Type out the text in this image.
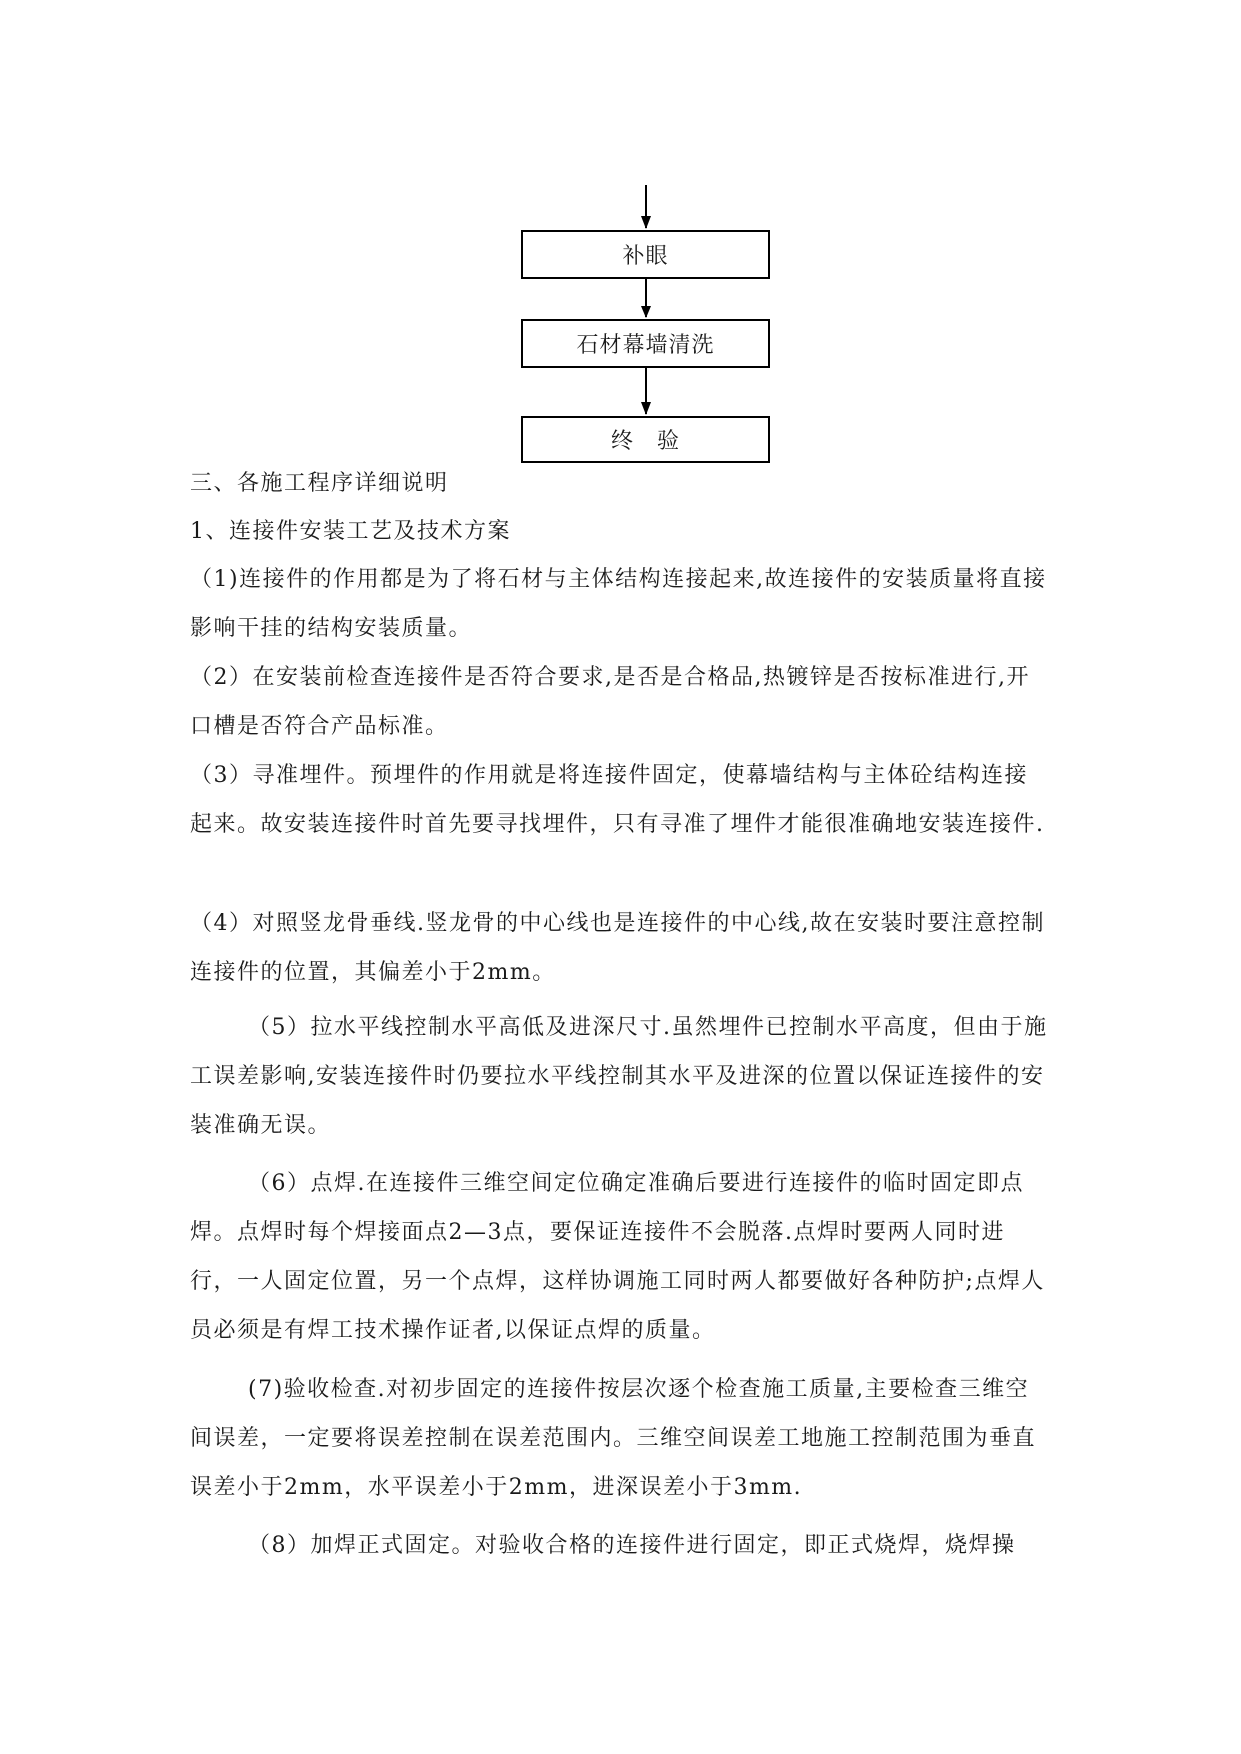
补眼
石材幕墙清洗
终　验
三、各施工程序详细说明
1、连接件安装工艺及技术方案

（1)连接件的作用都是为了将石材与主体结构连接起来,故连接件的安装质量将直接影响干挂的结构安装质量。

（2）在安装前检查连接件是否符合要求,是否是合格品,热镀锌是否按标准进行,开口槽是否符合产品标准。

（3）寻准埋件。预埋件的作用就是将连接件固定，使幕墙结构与主体砼结构连接起来。故安装连接件时首先要寻找埋件，只有寻准了埋件才能很准确地安装连接件.

（4）对照竖龙骨垂线.竖龙骨的中心线也是连接件的中心线,故在安装时要注意控制连接件的位置，其偏差小于2mm。

（5）拉水平线控制水平高低及进深尺寸.虽然埋件已控制水平高度，但由于施工误差影响,安装连接件时仍要拉水平线控制其水平及进深的位置以保证连接件的安装准确无误。

（6）点焊.在连接件三维空间定位确定准确后要进行连接件的临时固定即点焊。点焊时每个焊接面点2—3点，要保证连接件不会脱落.点焊时要两人同时进行，一人固定位置，另一个点焊，这样协调施工同时两人都要做好各种防护;点焊人员必须是有焊工技术操作证者,以保证点焊的质量。

(7)验收检查.对初步固定的连接件按层次逐个检查施工质量,主要检查三维空间误差，一定要将误差控制在误差范围内。三维空间误差工地施工控制范围为垂直误差小于2mm，水平误差小于2mm，进深误差小于3mm.

（8）加焊正式固定。对验收合格的连接件进行固定，即正式烧焊，烧焊操
